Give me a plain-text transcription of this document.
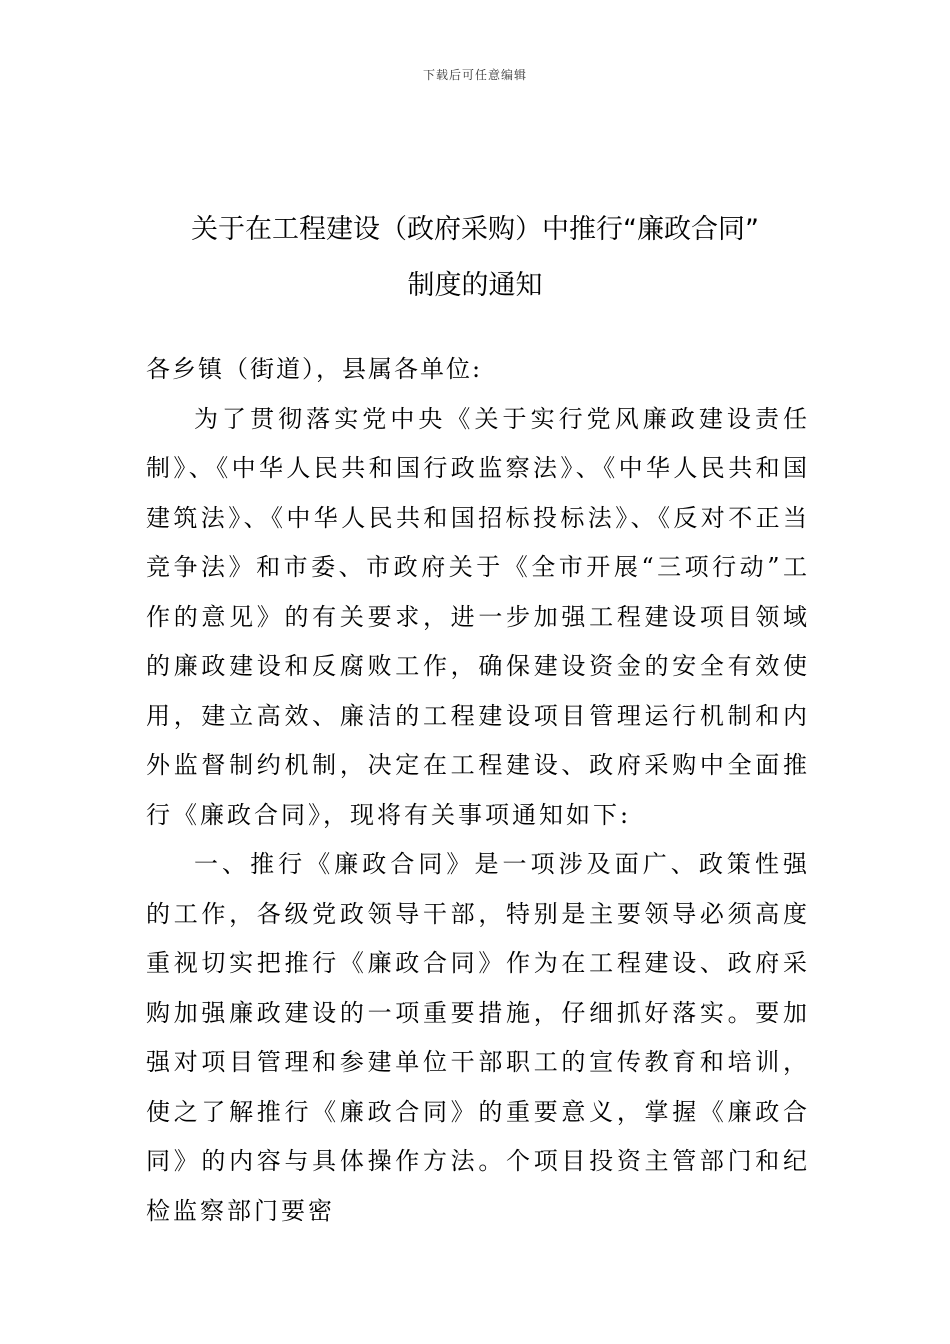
下载后可任意编辑
关于在工程建设（政府采购）中推行“廉政合同”
制度的通知

各乡镇（街道），县属各单位:

为了贯彻落实党中央《关于实行党风廉政建设责任制》、《中华人民共和国行政监察法》、《中华人民共和国建筑法》、《中华人民共和国招标投标法》、《反对不正当竞争法》和市委、市政府关于《全市开展“三项行动”工作的意见》的有关要求，进一步加强工程建设项目领域的廉政建设和反腐败工作，确保建设资金的安全有效使用，建立高效、廉洁的工程建设项目管理运行机制和内外监督制约机制，决定在工程建设、政府采购中全面推行《廉政合同》，现将有关事项通知如下:

一、推行《廉政合同》是一项涉及面广、政策性强的工作，各级党政领导干部，特别是主要领导必须高度重视切实把推行《廉政合同》作为在工程建设、政府采购加强廉政建设的一项重要措施，仔细抓好落实。要加强对项目管理和参建单位干部职工的宣传教育和培训，使之了解推行《廉政合同》的重要意义，掌握《廉政合同》的内容与具体操作方法。个项目投资主管部门和纪检监察部门要密
